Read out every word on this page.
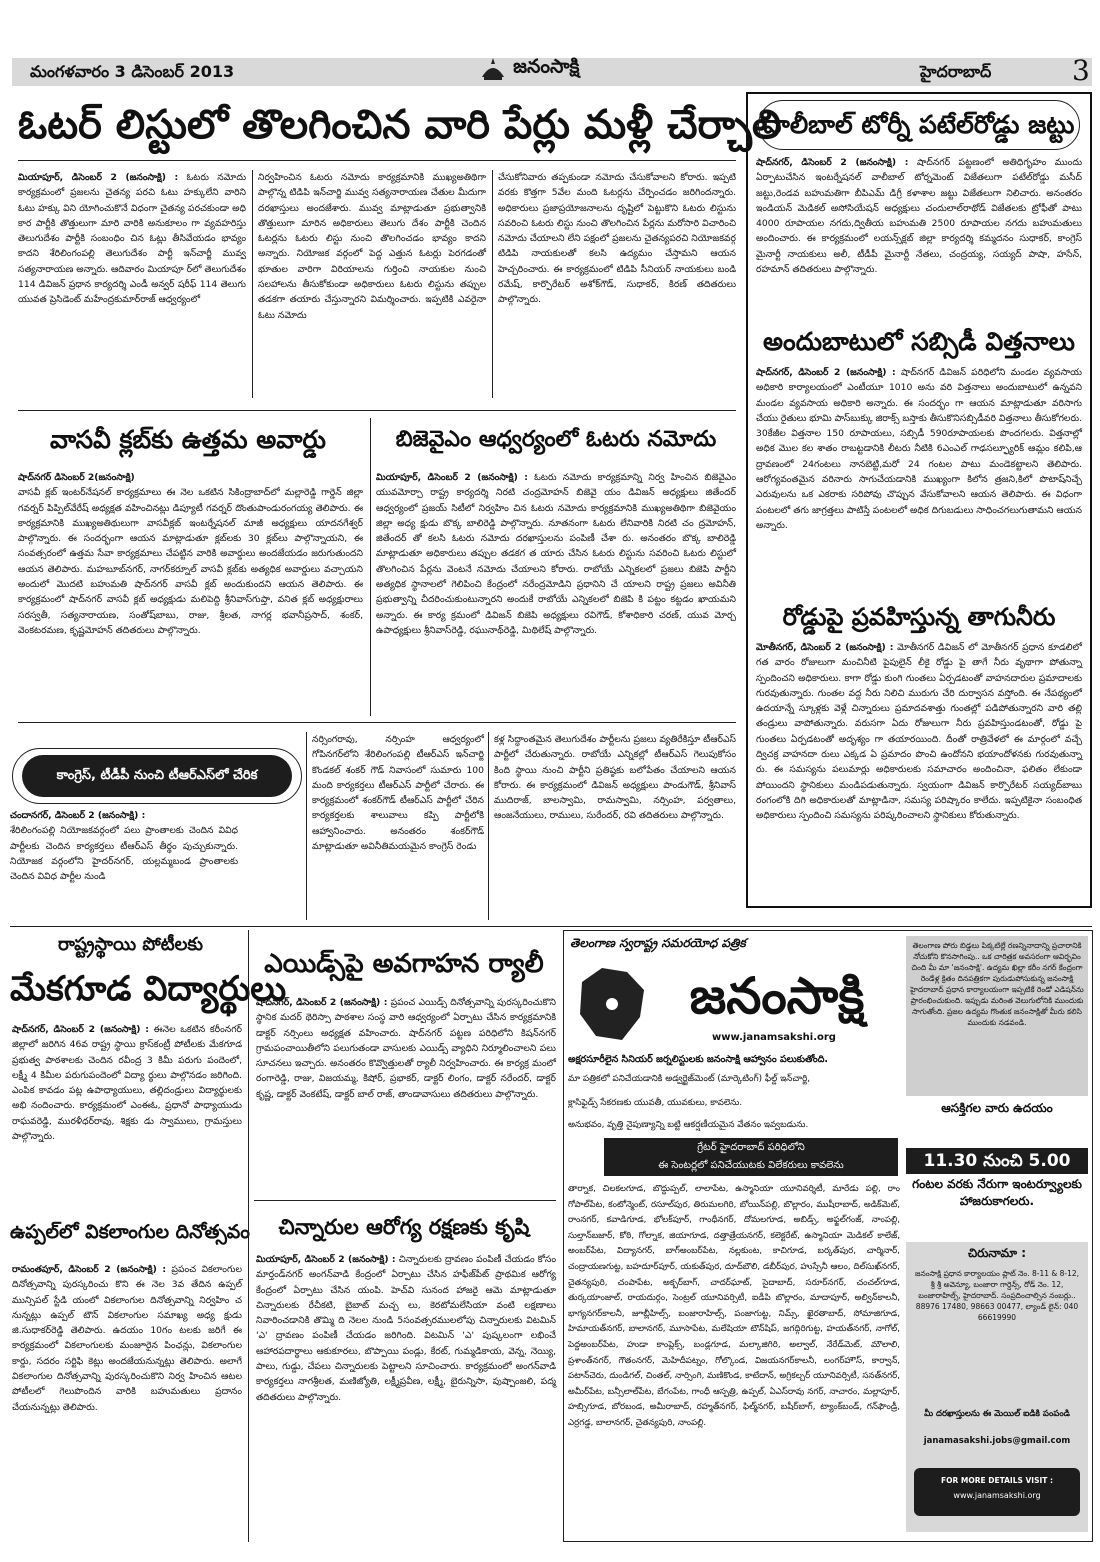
మంగళవారం 3 డిసెంబర్ 2013	జనంసాక్షి	హైదరాబాద్	3
ఓటర్ లిస్టులో తొలగించిన వారి పేర్లు మళ్లీ చేర్చాలి
మియాపూర్, డిసెంబర్ 2 (జనంసాక్షి) : ఓటరు నమోదు కార్యక్రమంలో ప్రజలను చైతన్య పరచి ఓటు హక్కులేని వారిని ఓటు హక్కు విని యోగించుకొనే విధంగా చైతన్య పరచకుండా అధి కార పార్టీకి తొత్తులుగా మారి వారికి అనుకూలం గా వ్యవహరిస్తు తెలుగుదేశం పార్టీకి సంబంధిం చిన ఓట్లు తీసివేయడం భావ్యం కాదని శేరిలింగంపల్లి తెలుగుదేశం పార్టీ ఇన్‌చార్జీ మువ్వ సత్యనారాయణ అన్నారు. ఆదివారం మియాపూ ర్‌లో తెలుగుదేశం 114 డివిజన్ ప్రధాన కార్యదర్శి ఎండీ అన్వర్ షరీఫ్ 114 తెలుగు యువత ప్రెసిడెంట్ మహేంద్రకుమార్‌రాజ్ ఆధ్వర్యంలో
నిర్వహించిన ఓటరు నమోదు కార్యక్రమానికి ముఖ్యఅతిథిగా పాల్గొన్న టిడిపి ఇన్‌చార్జి మువ్వ సత్యనారాయణ చేతుల మీదుగా దరఖాస్తులు అందజేశారు. మువ్వ మాట్లాడుతూ ప్రభుత్వానికి తొత్తులుగా మారిన అధికారులు తెలుగు దేశం పార్టీకి చెందిన ఓటర్లను ఓటరు లిస్టు నుంచి తొలగించడం భావ్యం కాదని అన్నారు. నియోజక వర్గంలో పెద్ద ఎత్తున ఓటర్లు పెరగడంతో భూతుల వారిగా విరియాలను గుర్తించి నాయకుల నుంచి సలహాలను తీసుకోకుండా అధికారులు ఓటరు లిస్టును తప్పుల తడకగా తయారు చేస్తున్నారని విమర్శించారు. ఇప్పటికి ఎవరైనా ఓటు నమోదు
చేసుకోనివారు తప్పకుండా నమోదు చేసుకోవాలని కోరారు. ఇప్పటి వరకు కొత్తగా 5వేల మంది ఓటర్లను చేర్పించడం జరిగిందన్నారు. అధికారులు ప్రజాప్రయోజనాలను దృష్టిలో పెట్టుకొని ఓటరు లిస్టును సవరించి ఓటరు లిస్టు నుంచి తొలగించిన పేర్లను మరోసారి విచారించి నమోదు చేయాలని లేని పక్షంలో ప్రజలను చైతన్యపరచి నియోజకవర్గ టిడిపి నాయకులతో కలసి ఉద్యమం చేస్తామని ఆయన హెచ్చరించారు. ఈ కార్యక్రమంలో టిడిపి సీనియర్ నాయకులు బండి రమేష్, కార్పొరేటర్ అశోక్‌గౌడ్, సుధాకర్, కిరణ్ తదితరులు పాల్గొన్నారు.
వాసవీ క్లబ్‌కు ఉత్తమ అవార్డు
షాద్‌నగర్ డిసెంబర్ 2(జనంసాక్షి)
వాసవీ క్లబ్ ఇంటర్‌నేషనల్ కార్యక్రమాలు ఈ నెల ఒకటిన సికింద్రాబాద్‌లో మల్లారెడ్డి గార్డెన్ జిల్లా గవర్నర్ పిప్పిల్‌వేరేష్ అధ్యక్షత వహించినట్లు డిప్యూటీ గవర్నర్ దొంతుపాండురంగయ్య తెలిపారు. ఈ కార్యక్రమానికి ముఖ్యఅతిథులుగా వాసవీక్లబ్ ఇంటర్నేషనల్ మాజీ అధ్యక్షులు యాదనగేశ్వర్ పాల్గొన్నారు. ఈ సందర్భంగా ఆయన మాట్లాడుతూ క్లబ్‌లకు 30 క్లబ్‌లు పాల్గొన్నాయని, ఈ సంవత్సరంలో ఉత్తమ సేవా కార్యక్రమాలు చేపట్టిన వారికి అవార్డులు అందజేయడం జరుగుతుందని ఆయన తెలిపారు. మహబూబ్‌నగర్, నాగర్‌కర్నూల్ వాసవీ క్లబ్‌కు అత్యధిక అవార్డులు వచ్చాయని అందులో మొదటి బహుమతి షాద్‌నగర్ వాసవీ క్లబ్ అందుకుందని ఆయన తెలిపారు. ఈ కార్యక్రమంలో షాద్‌నగర్ వాసవీ క్లబ్ అధ్యక్షుడు మలిపెద్ది శ్రీనివాస్‌గుప్తా, వనిత క్లబ్ అధ్యక్షురాలు సరస్వతీ, సత్యనారాయణ, సంతోష్‌బాబు, రాజు, శ్రీలత, నాగర్ల భవానీప్రసాద్, శంకర్, వెంకటరమణ, కృష్ణమోహన్ తదితరులు పాల్గొన్నారు.
బిజెవైఎం ఆధ్వర్యంలో ఓటరు నమోదు
మియాపూర్, డిసెంబర్ 2 (జనంసాక్షి) : ఓటరు నమోదు కార్యక్రమాన్ని నిర్వ హించిన బిజెవైఎం యువమోర్చా రాష్ట్ర కార్యదర్శి నిరటి చంద్రమోహన్ బిజెవై యం డివిజన్ అధ్యక్షులు జితేందర్ ఆధ్వర్యంలో ప్రజయ్ సిటీలో నిర్వహిం చిన ఓటరు నమోదు కార్యక్రమానికి ముఖ్యఅతిథిగా బిజెవైయం జిల్లా అధ్య క్షుడు బొక్క బాలిరెడ్డి పాల్గొన్నారు. నూతనంగా ఓటరు లేనివారికి నిరటి చం ద్రమోహన్, జితేందర్ తో కలసి ఓటరు నమోదు దరఖాస్తులను పంపిణీ చేశా రు. అనంతరం బొక్క బాలిరెడ్డి మాట్లాడుతూ అధికారులు తప్పుల తడకగ త యారు చేసిన ఓటరు లిస్టును సవరించి ఓటరు లిస్టులో తొలగించిన పేర్లను వెంటనే నమోదు చేయాలని కోరారు. రాబోయే ఎన్నికలలో ప్రజలు బిజెపి పార్టీని అత్యధిక స్థానాలలో గెలిపించి కేంద్రంలో నరేంద్రమోడిని ప్రధానిని చే యాలని రాష్ట్ర ప్రజలు అవినీతి ప్రభుత్వాన్ని చీదరించుకుంటున్నారని అందుకే రాబోయే ఎన్నికలలో బిజెపి కి పట్టం కట్టడం ఖాయమని అన్నారు. ఈ కార్య క్రమంలో డివిజన్ బిజెపి అధ్యక్షులు రవిగౌడ్, కోశాధికారి చరణ్, యువ మోర్చ ఉపాధ్యక్షులు శ్రీనివాస్‌రెడ్డి, రఘునాథ్‌రెడ్డి, మిథిలేష్ పాల్గొన్నారు.
కాంగ్రెస్, టీడీపీ నుంచి టీఆర్‌ఎస్‌లో చేరిక
చందానగర్, డిసెంబర్ 2 (జనంసాక్షి) :
శేరిలింగంపల్లి నియోజకవర్గంలో పలు ప్రాంతాలకు చెందిన వివిధ పార్టీలకు చెందిన కార్యకర్తలు టీఆర్‌ఎస్ తీర్థం పుచ్చుకున్నారు. నియోజక వర్గంలోని హైదర్‌నగర్, యల్లమ్మబండ ప్రాంతాలకు చెందిన వివిధ పార్టీల నుండి
నర్సింగరావు, నర్సింహ ఆధ్వర్యంలో గోపినగర్‌లోని శేరిలింగంపల్లి టీఆర్‌ఎస్ ఇన్‌చార్జి కొండకల్ శంకర్ గౌడ్ నివాసంలో సుమారు 100 మంది కార్యకర్తలు టీఆర్‌ఎస్ పార్టీలో చేరారు. ఈ కార్యక్రమంలో శంకర్‌గౌడ్ టీఆర్‌ఎస్ పార్టీలో చేరిన కార్యకర్తలకు శాలువాలు కప్పి పార్టీలోకి ఆహ్వానించారు. అనంతరం శంకర్‌గౌడ్ మాట్లాడుతూ అవినీతిమయమైన కాంగ్రెస్ రెండు
కళ్ల సిద్ధాంతమైన తెలుగుదేశం పార్టీలను ప్రజలు వ్యతిరేకిస్తూ టీఆర్‌ఎస్ పార్టీలో చేరుతున్నారు. రాబోయే ఎన్నికల్లో టీఆర్‌ఎస్ గెలుపుకోసం కింది స్థాయి నుంచి పార్టీని ప్రతిష్ఠకు బలోపేతం చేయాలని ఆయన కోరారు. ఈ కార్యక్రమంలో డివిజన్ అధ్యక్షులు పాండుగౌడ్, శ్రీనివాస్ ముదిరాజ్, బాలస్వామి, రామస్వామి, నర్సింహ, పర్వతాలు, ఆంజనేయులు, రాములు, సురేందర్, రవి తదితరులు పాల్గొన్నారు.
వాలీబాల్ టోర్నీ పటేల్‌రోడ్డు జట్టు
షాద్‌నగర్, డిసెంబర్ 2 (జనంసాక్షి) : షాద్‌నగర్ పట్టణంలో అతిధిగృహం ముందు ఏర్పాటుచేసిన ఇంటర్నేషనల్ వాలీబాల్ టోర్నమెంట్ విజేతలుగా పటేల్‌రోడ్డు మసీద్ జట్టు,రెండవ బహుమతిగా బీపిఎమ్ డిగ్రీ కళాశాల జట్టు విజేతలుగా నిలిచారు. అనంతరం ఇండియన్ మెడికల్ అసోసియేషన్ అధ్యక్షులు చందులాల్‌రాథోడ్ విజేతలకు ట్రోఫీతో పాటు 4000 రూపాయల నగదు,ద్వితీయ బహుమతి 2500 రూపాయల నగదు బహుమతులు అందించారు. ఈ కార్యక్రమంలో లయన్స్‌క్లబ్ జిల్లా కార్యదర్శి కమ్మదనం సుధాకర్, కాంగ్రెస్ మైనార్టీ నాయకులు అలీ, టీడీపీ మైనార్టీ నేతలు, చంద్రయ్య, సయ్యద్ పాషా, హసేన్, రహమాన్ తదితరులు పాల్గొన్నారు.
అందుబాటులో సబ్సిడీ విత్తనాలు
షాద్‌నగర్, డిసెంబర్ 2 (జనంసాక్షి) : షాద్‌నగర్ డివిజన్ పరిధిలోని మండల వ్యవసాయ అధికారి కార్యాలయంలో ఎంటీయూ 1010 అను వరి విత్తనాలు అందుబాటులో ఉన్నవని మండల వ్యవసాయ అధికారి అన్నారు. ఈ సందర్భం గా ఆయన మాట్లాడుతూ వరిసాగు చేయు రైతులు భూమి పాస్‌బుక్కు జిరాక్స్ బస్తాకు తీసుకొనిసబ్సిడీవరి విత్తనాలు తీసుకోగలరు. 30కేజీల విత్తనాల 150 రూపాయలు, సబ్సిడీ 590రూపాయలకు పొందగలరు. విత్తనాల్లో అధిక మొల కల శాతం రాబట్టడానికి లీటరు నీటికి 6ఎంఎల్ గాఢసల్ఫ్యూరిక్ ఆమ్లం కలిపి,ఆ ద్రావణంలో 24గంటలు నానబెట్టి,మరో 24 గంటల పాటు మండెకట్టాలని తెలిపారు. ఆరోగ్యవంతమైన వరినారు సాగుచేయడానికి ముఖ్యంగా కిలోన త్రజని,కిలో పొటాష్‌నిచ్చే ఎరువులను ఒక ఎకరాకు సరిపోవు చొప్పున వేసుకోవాలని ఆయన తెలిపారు. ఈ విధంగా పంటలలో తగు జాగ్రత్తలు పాటిస్తే పంటలలో అధిక దిగుబడులు సాధించగలుగుతామని ఆయన అన్నారు.
రోడ్డుపై ప్రవహిస్తున్న తాగునీరు
మోతీనగర్, డిసెంబర్ 2 (జనంసాక్షి) : మోతీనగర్ డివిజన్ లో మోతీనగర్ ప్రధాన కూడలిలో గత వారం రోజులుగా మంచినీటి పైపులైన్ లీకై రోడ్డు పై తాగే నీరు వృథాగా పోతున్నా స్పందించని అధికారులు. కాగా రోడ్డు కుంగి గుంతలు ఏర్పడటంతో వాహనదారుల ప్రమాదాలకు గురవుతున్నారు. గుంతల వద్ద నీరు నిలిచి మురుగు చేరి దుర్వాసన వస్తోంది. ఈ నేపథ్యంలో ఉదయాన్నే స్కూళ్లకు వెళ్లే చిన్నారులు ప్రమాదవశాత్తు గుంతల్లో పడిపోతున్నారని వారి తల్లి తండ్రులు వాపోతున్నారు. వరుసగా ఏదు రోజులుగా నీరు ప్రవహిస్తుండటంతో, రోడ్డు పై గుంతలు ఏర్పడటంతో అదృశ్యం గా తయారయింది. దీంతో రాత్రివేళలో ఈ మార్గంలో వచ్చే ద్విచక్ర వాహనదా రులు ఎక్కడ ఏ ప్రమాదం పొంచి ఉందోనని భయాందోళనకు గురవుతున్నా రు. ఈ సమస్యను పలుమార్లు అధికారులకు సమాచారం అందించినా, ఫలితం లేకుండా పోయిందని స్థానికులు మండిపడుతున్నారు. స్వయంగా డివిజన్ కార్పొరేటర్ సయ్యద్‌బాబు రంగంలోకి దిగి అధికారులతో మాట్లాడినా, సమస్య పరిష్కారం కాలేదు. ఇప్పటికైనా సంబంధిత అధికారులు స్పందించి సమస్యను పరిష్కరించాలని స్థానికులు కోరుతున్నారు.
రాష్ట్రస్థాయి పోటీలకు
మేకగూడ విద్యార్థులు
షాద్‌నగర్, డిసెంబర్ 2 (జనంసాక్షి) : ఈనెల ఒకటిన కరీంనగర్ జిల్లాలో జరిగిన 46వ రాష్ట్ర స్థాయి క్రాస్‌కంట్రీ పోటీలకు మేకగూడ ప్రభుత్వ పాఠశాలకు చెందిన రవీంద్ర 3 కిమీ పరుగు పందెంలో, లక్ష్మీ 4 కిమీల పరుగుపందెంలో విద్యా ర్థులు పాల్గొనడం జరిగింది. ఎంపిక కావడం పట్ల ఉపాధ్యాయులు, తల్లిదండ్రులు విద్యార్థులకు అభి నందించారు. కార్యక్రమంలో ఎంఈఓ, ప్రధానో పాధ్యాయుడు రాఘవరెడ్డి, మురళీధర్‌రావు, శిక్షకు డు స్వాములు, గ్రామస్తులు పాల్గొన్నారు.
ఉప్పల్‌లో వికలాంగుల దినోత్సవం
రామంతపూర్, డిసెంబర్ 2 (జనంసాక్షి) : ప్రపంచ వికలాంగుల దినోత్సవాన్ని పురస్కరించు కొని ఈ నెల 3వ తేదిన ఉప్పల్ మున్సిపల్ స్టేడి యంలో వికలాంగుల దినోత్సవాన్ని నిర్వహిం చ నున్నట్లు ఉప్పల్ టౌన్ వికలాంగుల సమాఖ్య అధ్య క్షుడు జి.సుధాకర్‌రెడ్డి తెలిపారు. ఉదయం 10గం టలకు జరిగే ఈ కార్యక్రమంలో వికలాంగులకు మంజూరైన పింఛన్లు, వికలాంగుల కార్డు, సదరం సర్టిఫి కెట్లు అందజేయనున్నట్లు తెలిపారు. అలాగే వికలాంగుల దినోత్సవాన్ని పురస్కరించుకొని నిర్వ హించిన ఆటల పోటీలలో గెలుపొందిన వారికి బహుమతులు ప్రదానం చేయనున్నట్లు తెలిపారు.
ఎయిడ్స్‌పై అవగాహన ర్యాలీ
షాద్‌నగర్, డిసెంబర్ 2 (జనంసాక్షి) : ప్రపంచ ఎయిడ్స్ దినోత్సవాన్ని పురస్కరించుకొని స్థానిక మదర్ థెరిస్సా పాఠశాల సంస్థ వారి ఆధ్వర్యంలో ఏర్పాటు చేసిన కార్యక్రమానికి డాక్టర్ నర్సింలు అధ్యక్షత వహించారు. షాద్‌నగర్ పట్టణ పరిధిలోని కిషన్‌నగర్ గ్రామపంచాయితీలోని పలుగుతండా వాసులకు ఎయిడ్స్ వ్యాధిని నిర్మూలించాలని పలు సూచనలు ఇచ్చారు. అనంతరం కొవ్వొత్తులతో ర్యాలీ నిర్వహించారు. ఈ కార్యక్ర మంలో రంగారెడ్డి, రాజు, విజయమ్మ, కిషోర్, ప్రభాకర్, డాక్టర్ లింగం, డాక్టర్ నరేందర్, డాక్టర్ కృష్ణ, డాక్టర్ వెంకటేష్, డాక్టర్ బాల్ రాజ్, తాండావాసులు తదితరులు పాల్గొన్నారు.
చిన్నారుల ఆరోగ్య రక్షణకు కృషి
మియాపూర్, డిసెంబర్ 2 (జనంసాక్షి) : చిన్నారులకు ద్రావణం పంపిణీ చేయడం కోసం మార్తండ్‌నగర్ అంగన్‌వాడి కేంద్రంలో ఏర్పాటు చేసిన హఫీజ్‌పేట్ ప్రాథమిక ఆరోగ్య కేంద్రంలో ఏర్పాటు చేసిన యంపి. హెచ్‌వి సునంద హాజరై ఆమె మాట్లాడుతూ చిన్నారులకు రేచీకటి, బైబాట్ మచ్చ లు, కెరటోమలేసియా వంటి లక్షణాలు నివారించడానికి తొమ్మి ది నెలల నుండి 5సంవత్సరములలోపు చిన్నారులకు విటమిన్ 'ఎ' ద్రావణం పంపిణీ చేయడం జరిగింది. విటమిన్ 'ఎ' పుష్కలంగా లభించే ఆహారపదార్థాలు ఆకుకూరలు, బొప్పాయి పండ్లు, కేరట్, గుమ్మడికాయ, వెన్న, నెయ్యి, పాలు, గుడ్డు, చేపలు చిన్నారులకు పెట్టాలని సూచించారు. కార్యక్రమంలో అంగన్‌వాడి కార్యకర్తలు నాగశ్రీలత, మణిజ్యోతి, లక్ష్మీప్రవీణ, లక్ష్మీ, బైరున్నిసా, పుష్పాంజలి, పద్మ తదితరులు పాల్గొన్నారు.
తెలంగాణ స్వరాష్ట్ర సమరయోధ పత్రిక
జనంసాక్షి
www.janamsakshi.org
తెలంగాణ పోరు బిడ్డలు పిక్కటిల్లే రణన్నినాదాన్ని ప్రచారానికి నోచుకోని కొనసాగింపు.. ఒక చారిత్రక అవసరంగా ఆవిర్భవిం చింది మీ మా 'జనంసాక్షి'. ఉద్యమ ఖిల్లా కరీం నగర్ కేంద్రంగా రెండేళ్ల క్రితం దినపత్రికగా పురుడుపోసుకున్న జనంసాక్షి హైదరాబాద్ ప్రధాన కార్యాలయంగా ఇప్పటికే రెండో ఎడిషన్‌ను ప్రారంభించుకుంది. ఇప్పుడు మరింత వెలుగులోనికి ముందుకు సాగుతోంది. ప్రజల ఉద్యమ గొంతుక జనంసాక్షితో మీరు కలిసి ముందుకు నడవండి.
అక్షరసూరీలైన సినియర్ జర్నలిస్టులకు జనంసాక్షి ఆహ్వానం పలుకుతోంది.
మా పత్రికలో పనిచేయడానికి అడ్వర్టైజ్‌మెంట్ (మార్కెటింగ్) ఫీల్డ్ ఇన్‌చార్జి,
క్లాసిఫైడ్స్ సేకరణకు యువతీ, యువకులు, కావలెను.
అనుభవం, వృత్తి నైపుణ్యాన్ని బట్టి ఆకర్షణీయమైన వేతనం ఇవ్వబడును.
గ్రేటర్ హైదరాబాద్ పరిధిలోని
ఈ సెంటర్లలో పనిచేయుటకు విలేకరులు కావలెను
తార్నాక, చిలకలగూడ, బొద్దుప్పల్, లాలాపేట, ఉస్మానియా యూనివర్శిటీ, మారేడు పల్లి, రాం గోపాల్‌పేట, కంటోన్మెంట్, రసూల్‌పుర, తిరుమలగిరి, బోయిన్‌పల్లి, బొల్లారం, ముషీరాబాద్, అడిక్‌మెట్, రాంనగర్, కవాడిగూడ, భోలక్‌పూర్, గాంధీనగర్, దోమలగూడ, అబిడ్స్, అఫ్జల్‌గంజ్, నాంపల్లి, సుల్తాన్‌బజార్, కోఠి, గోల్నాక, జియాగూడ, దత్తాత్రేయనగర్, కలెక్టరేట్, ఉస్మానియా మెడికల్ కాలేజ్, అంబర్‌పేట, విద్యానగర్, బాగ్‌అంబర్‌పేట, నల్లకుంట, కాచిగూడ, బర్కత్‌పుర, చార్మినార్, చంద్రాయణగుట్ట, బహదూర్‌పూర్, యకుత్‌పుర, దూద్‌బౌలి, డబీర్‌పుర, హుస్సేనీ ఆలం, దిల్‌సుఖ్‌నగర్, చైతన్యపురి, చంపాపేట, అక్బర్‌బాగ్, చాదర్‌ఘాట్, సైదాబాద్, సరూర్‌నగర్, చంచల్‌గూడ, తుర్కయాంజాల్, రాయదుర్గం, సెంట్రల్ యూనివర్సిటీ, ఐడీపి బొల్లారం, మాదాపూర్, అల్విన్‌కాలనీ, భాగ్యనగర్‌కాలనీ, జూబ్లీహిల్స్, బంజారాహిల్స్, పంజాగుట్ట, నిమ్స్, ఖైరతాబాద్, సోమాజిగూడ, హిమాయత్‌నగర్, బాలానగర్, మూసాపేట, మలేషియా టౌన్‌షిప్, జగద్గిరిగుట్ట, హయత్‌నగర్, నాగోల్, పెద్దఅంబర్‌పేట, హుడా కాంప్లెక్స్, బండ్లగూడ, మల్కాజిగిరి, అల్వాల్, నేరేడ్‌మెట్, మౌలాలి, ప్రశాంత్‌నగర్, గౌతంనగర్, మెహిదీపట్నం, గోల్కొండ, విజయనగర్‌కాలనీ, లంగర్‌హౌస్, కార్వాన్, పటాన్‌చెరు, దుండిగల్, చింతల్, నార్సింగి, మణికొండ, కాటేదాన్, అగ్రికల్చర్ యూనివర్సిటీ, సనత్‌నగర్, అమీర్‌పేట, బన్సీలాల్‌పేట, బేగంపేట, గాంధీ ఆస్పత్రి, ఉప్పల్, ఏఎస్‌రావు నగర్, నాచారం, మల్లాపూర్, హబ్సిగూడ, బోరబండ, అమీరాబాద్, రహ్మత్‌నగర్, ఫిల్మ్‌నగర్, బషీర్‌బాగ్, ట్యాంక్‌బండ్, గన్‌ఫౌండ్రీ, ఎర్రగడ్డ, బాలానగర్, చైతన్యపురి, నాంపల్లి.
ఆసక్తిగల వారు ఉదయం
11.30 నుంచి 5.00
గంటల వరకు నేరుగా ఇంటర్వ్యూలకు హాజరుకాగలరు.
చిరునామా :
జనంసాక్షి ప్రధాన కార్యాలయం ప్లాట్ నెం. 8-11 & 8-12, శ్రీ శ్రీ అవెన్యూ, బంజారా గార్డెన్స్, రోడ్ నెం. 12, బంజారాహిల్స్, హైదరాబాద్. సంప్రదించాల్సిన నంబర్లు.. 88976 17480, 98663 00477, ల్యాండ్ లైన్: 040 66619990
మీ దరఖాస్తులను ఈ మెయిల్ ఐడికి పంపండి
janamasakshi.jobs@gmail.com
FOR MORE DETAILS VISIT :
www.janamsakshi.org
